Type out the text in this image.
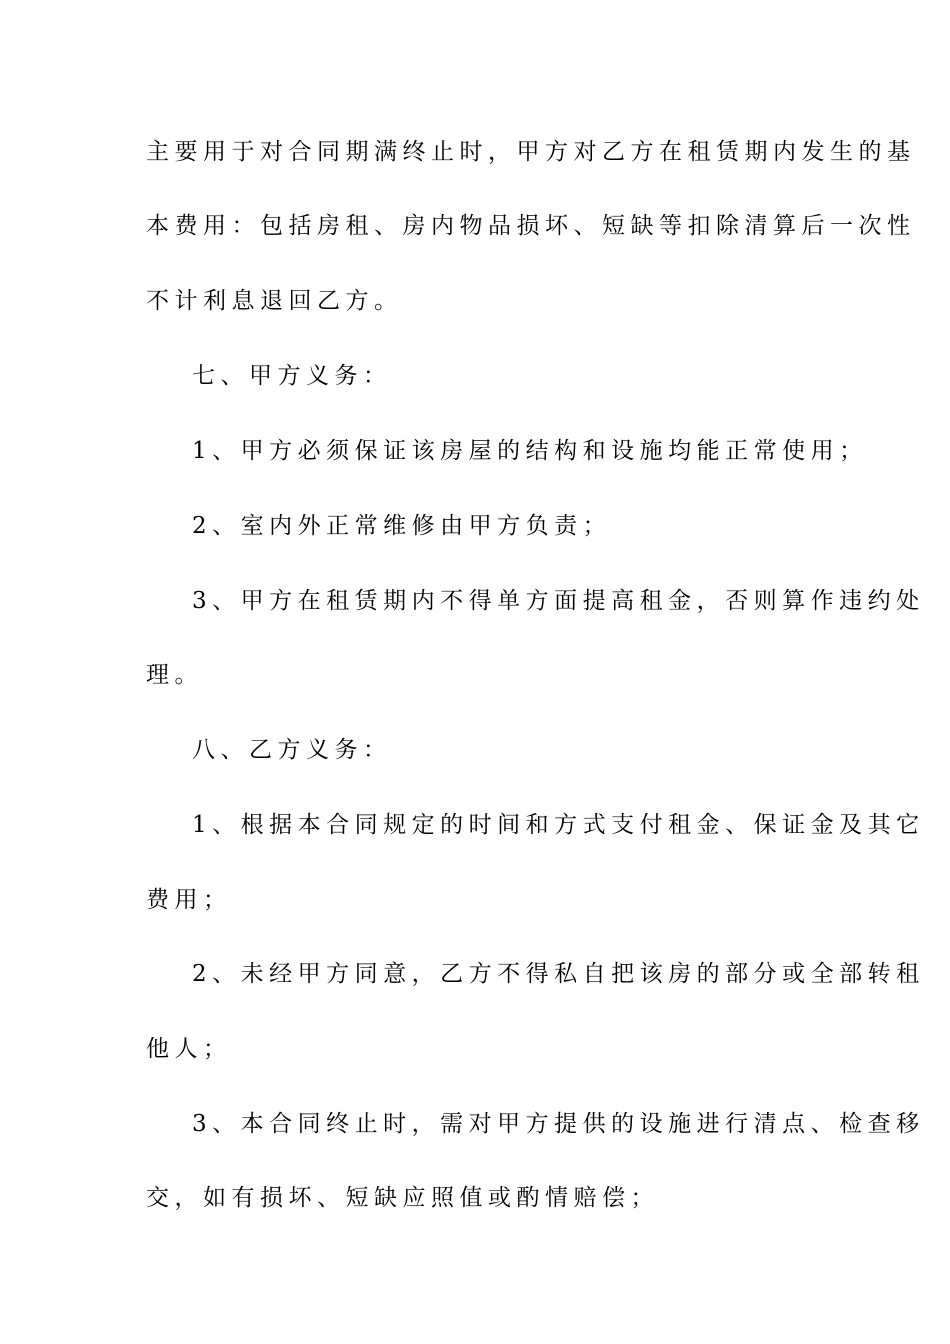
主要用于对合同期满终止时，甲方对乙方在租赁期内发生的基
本费用：包括房租、房内物品损坏、短缺等扣除清算后一次性
不计利息退回乙方。
七、甲方义务：
1、甲方必须保证该房屋的结构和设施均能正常使用；
2、室内外正常维修由甲方负责；
3、甲方在租赁期内不得单方面提高租金，否则算作违约处
理。
八、乙方义务：
1、根据本合同规定的时间和方式支付租金、保证金及其它
费用；
2、未经甲方同意，乙方不得私自把该房的部分或全部转租
他人；
3、本合同终止时，需对甲方提供的设施进行清点、检查移
交，如有损坏、短缺应照值或酌情赔偿；
